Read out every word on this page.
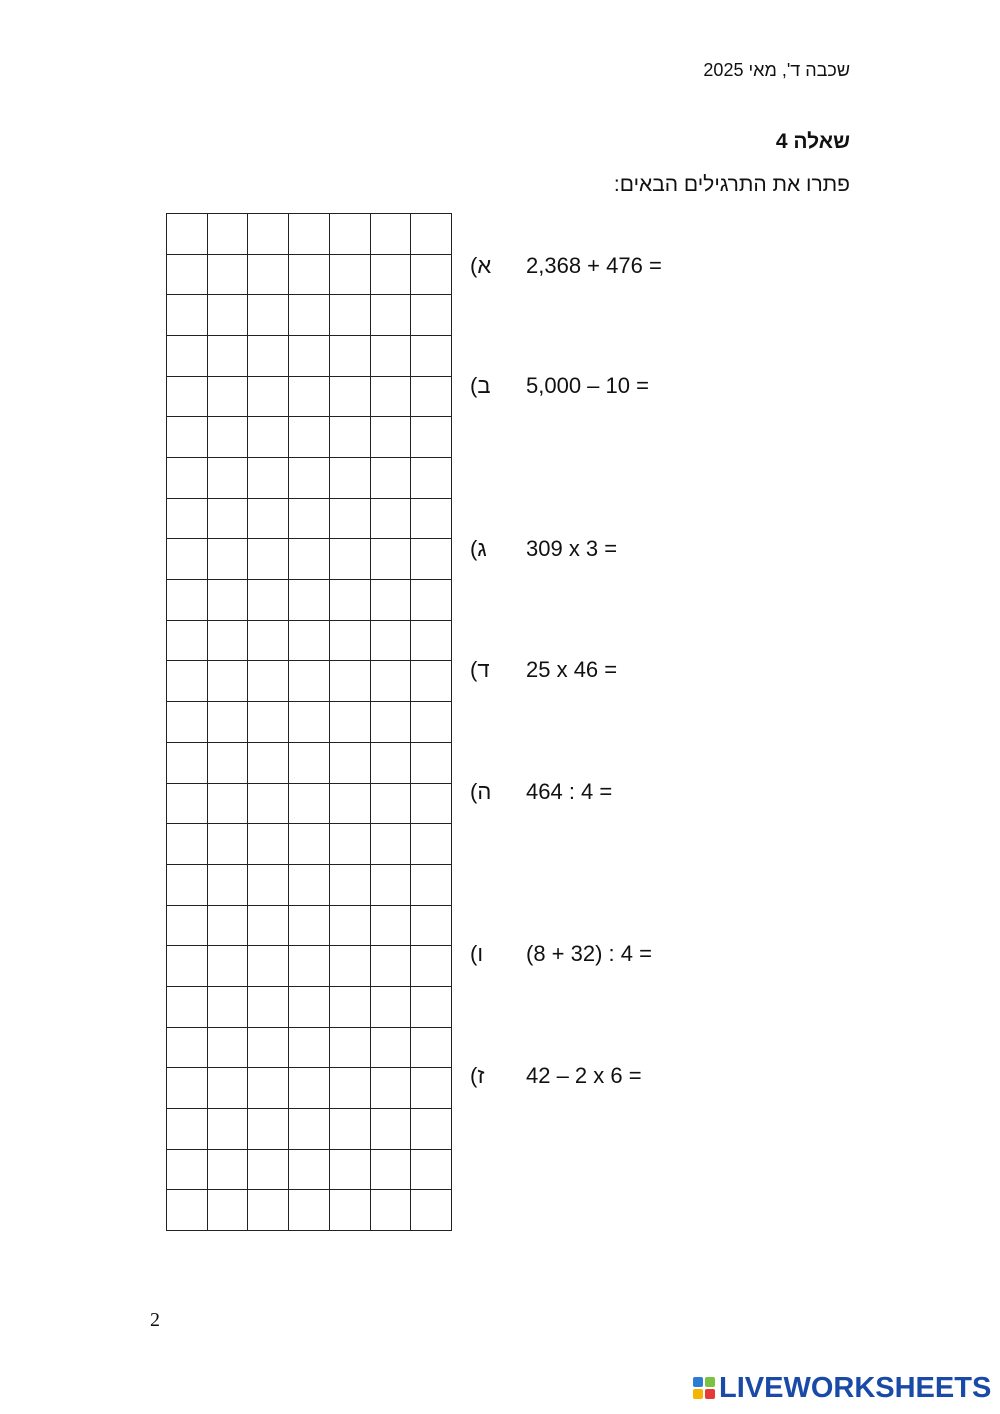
שכבה ד', מאי 2025
שאלה 4
פתרו את התרגילים הבאים:
א)	2,368 + 476 =
ב)	5,000 – 10 =
ג)	309 x 3 =
ד)	25 x 46 =
ה)	464 : 4 =
ו)	(8 + 32) : 4 =
ז)	42 – 2 x 6 =
2
LIVEWORKSHEETS
